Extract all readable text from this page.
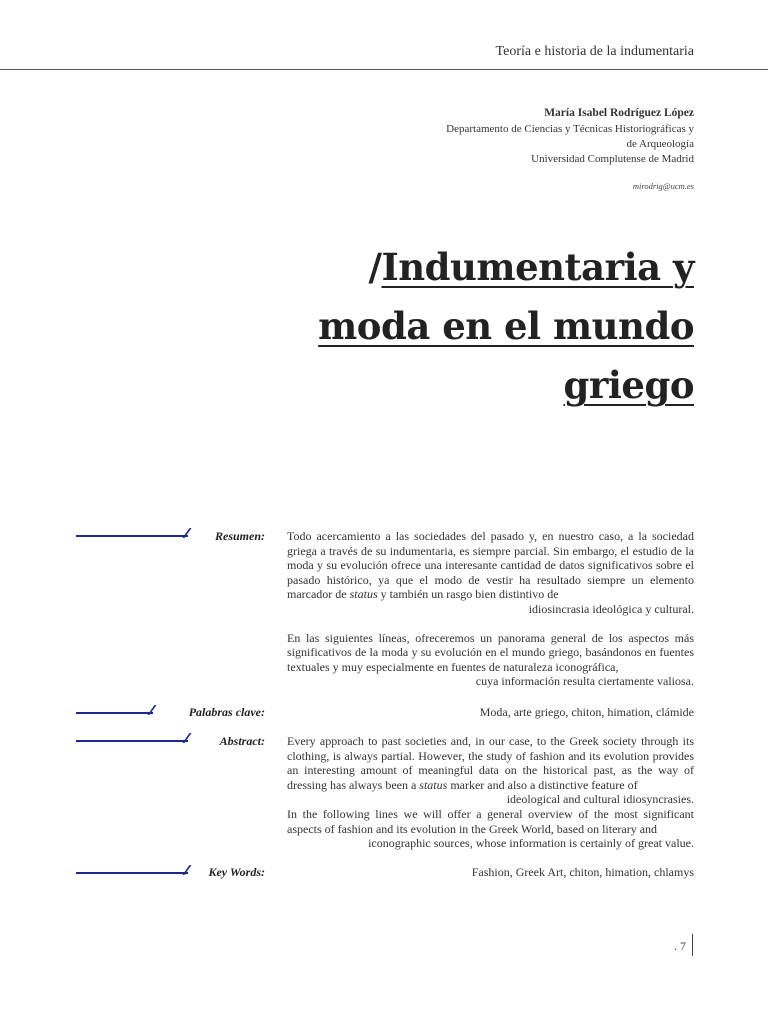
Teoría e historia de la indumentaria
María Isabel Rodríguez López
Departamento de Ciencias y Técnicas Historiográficas y
de Arqueología
Universidad Complutense de Madrid
mirodrig@ucm.es
/Indumentaria y
moda en el mundo
griego
Resumen: Todo acercamiento a las sociedades del pasado y, en nuestro caso, a la sociedad griega a través de su indumentaria, es siempre parcial. Sin embargo, el estudio de la moda y su evolución ofrece una interesante cantidad de datos significativos sobre el pasado histórico, ya que el modo de vestir ha resultado siempre un elemento marcador de status y también un rasgo bien distintivo de

idiosincrasia ideológica y cultural.

En las siguientes líneas, ofreceremos un panorama general de los aspectos más significativos de la moda y su evolución en el mundo griego, basándonos en fuentes textuales y muy especialmente en fuentes de naturaleza iconográfica,

cuya información resulta ciertamente valiosa.

Palabras clave:	Moda, arte griego, chiton, himation, clámide

Abstract: Every approach to past societies and, in our case, to the Greek society through its clothing, is always partial. However, the study of fashion and its evolution provides an interesting amount of meaningful data on the historical past, as the way of dressing has always been a status marker and also a distinctive feature of

ideological and cultural idiosyncrasies.

In the following lines we will offer a general overview of the most significant aspects of fashion and its evolution in the Greek World, based on literary and

iconographic sources, whose information is certainly of great value.

Key Words:	Fashion, Greek Art, chiton, himation, chlamys

. 7
